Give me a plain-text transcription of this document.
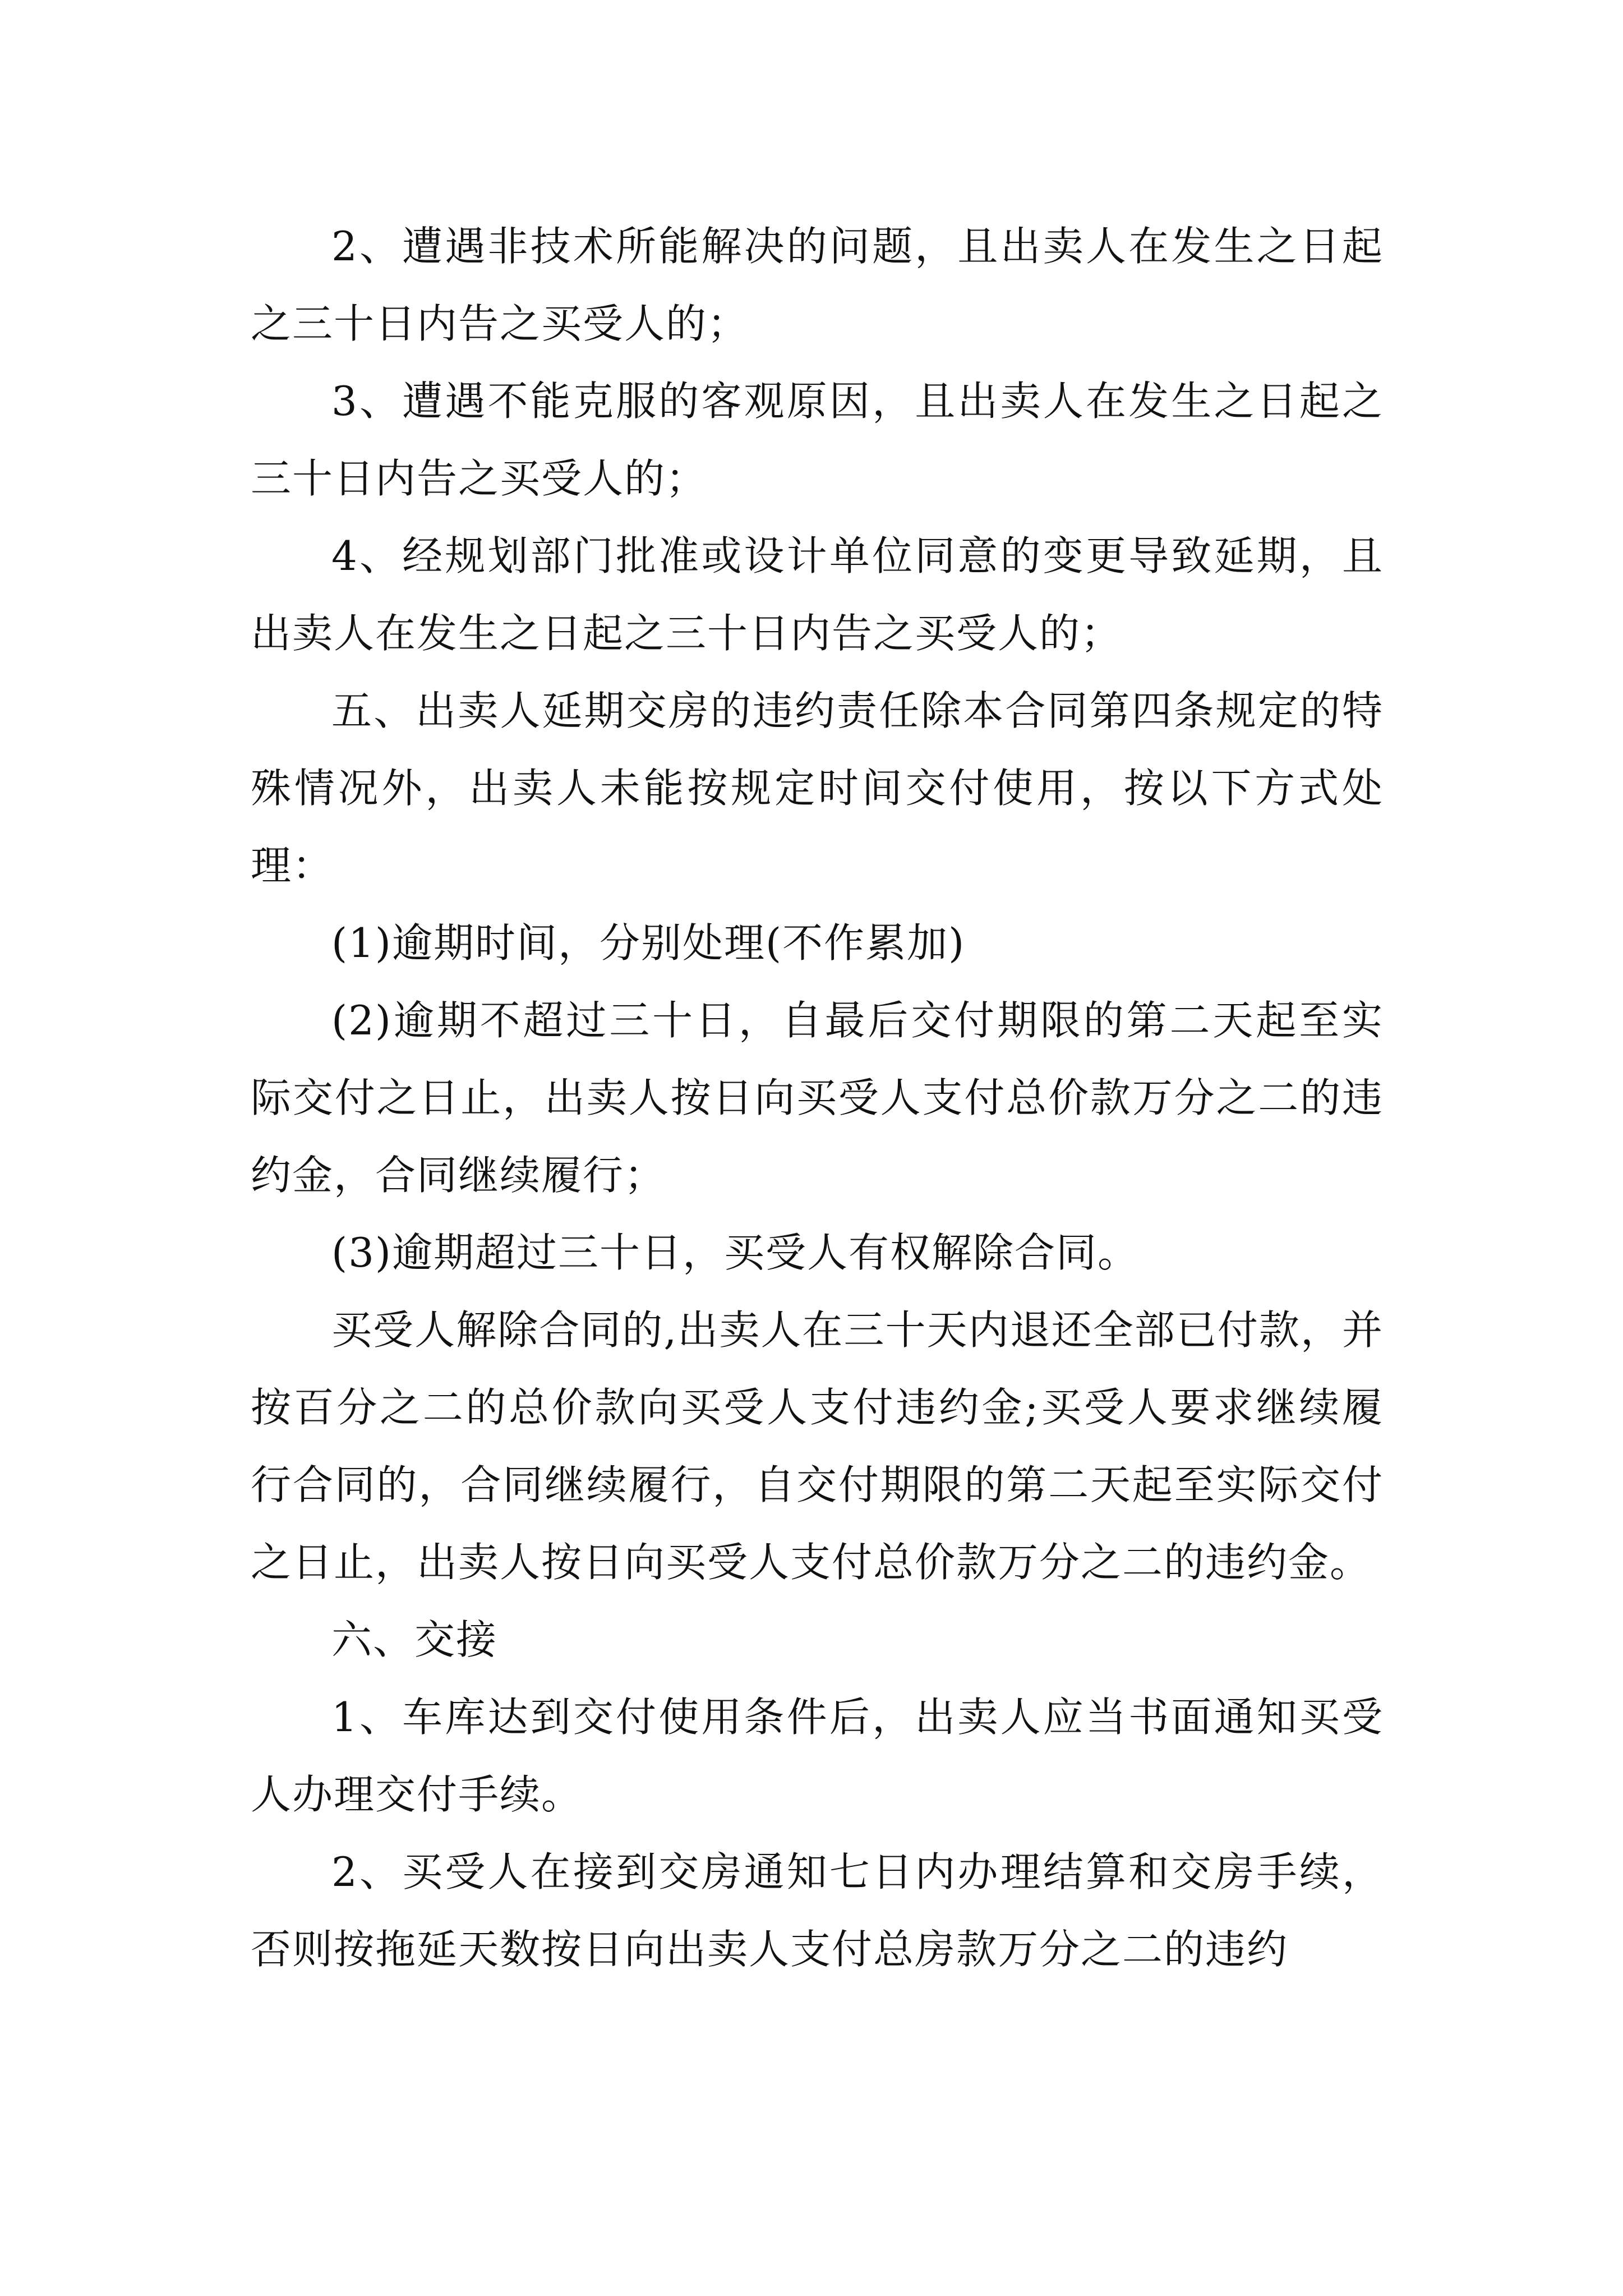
2、遭遇非技术所能解决的问题，且出卖人在发生之日起之三十日内告之买受人的；

3、遭遇不能克服的客观原因，且出卖人在发生之日起之三十日内告之买受人的；

4、经规划部门批准或设计单位同意的变更导致延期，且出卖人在发生之日起之三十日内告之买受人的；

五、出卖人延期交房的违约责任除本合同第四条规定的特殊情况外，出卖人未能按规定时间交付使用，按以下方式处理：

(1)逾期时间，分别处理(不作累加)

(2)逾期不超过三十日，自最后交付期限的第二天起至实际交付之日止，出卖人按日向买受人支付总价款万分之二的违约金，合同继续履行；

(3)逾期超过三十日，买受人有权解除合同。

买受人解除合同的,出卖人在三十天内退还全部已付款，并按百分之二的总价款向买受人支付违约金;买受人要求继续履行合同的，合同继续履行，自交付期限的第二天起至实际交付之日止，出卖人按日向买受人支付总价款万分之二的违约金。

六、交接

1、车库达到交付使用条件后，出卖人应当书面通知买受人办理交付手续。

2、买受人在接到交房通知七日内办理结算和交房手续，否则按拖延天数按日向出卖人支付总房款万分之二的违约
